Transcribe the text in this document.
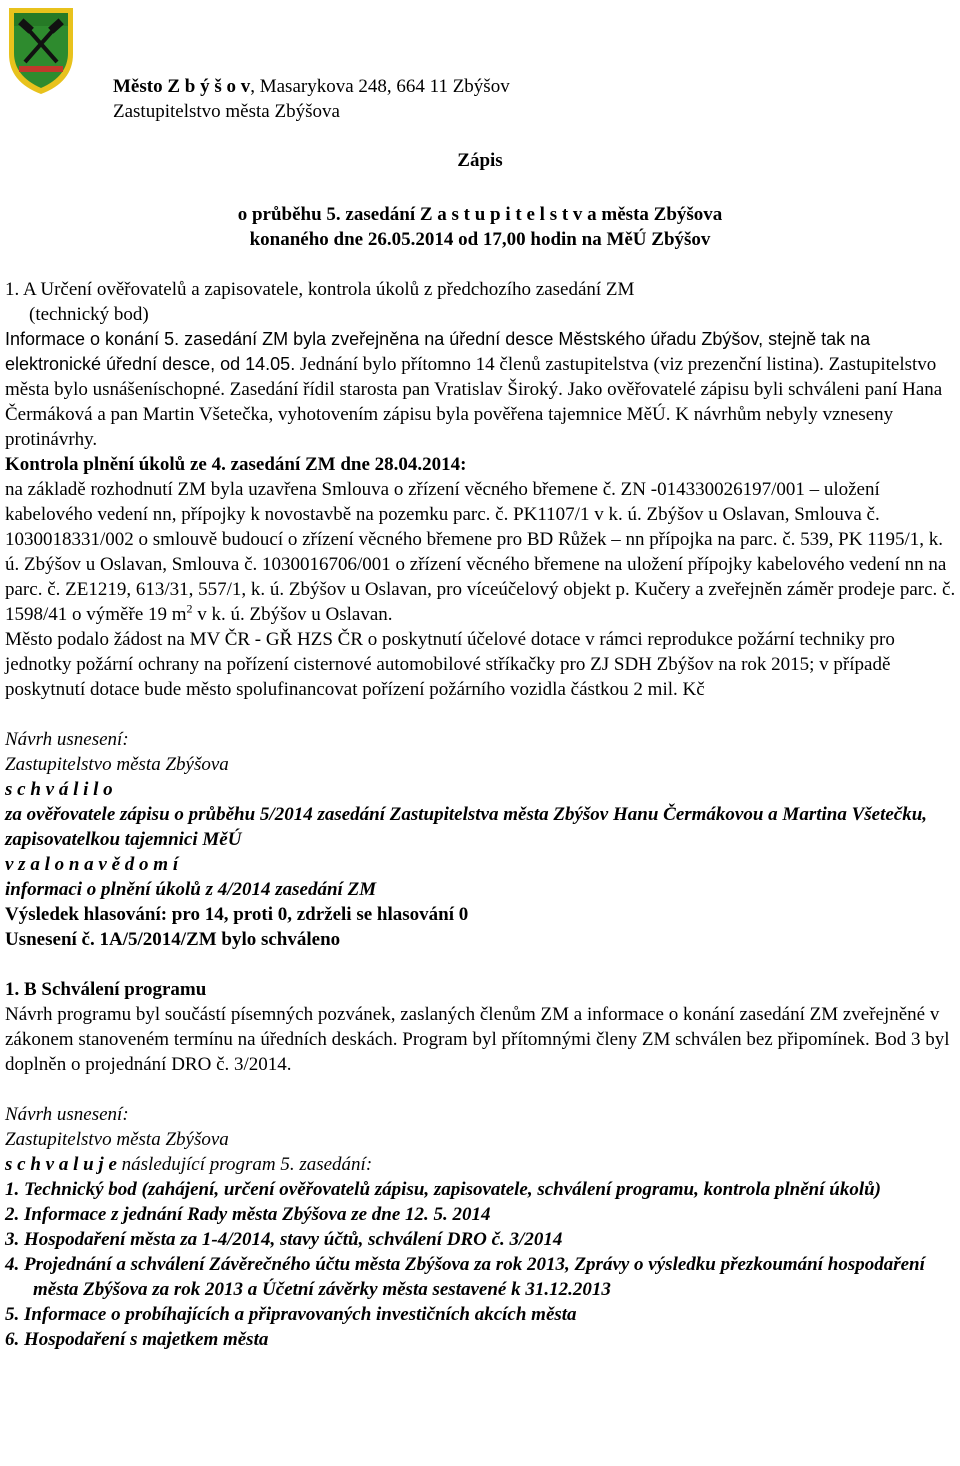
Město Z b ý š o v, Masarykova 248, 664 11 Zbýšov
Zastupitelstvo města Zbýšova
Zápis
o průběhu 5. zasedání Z a s t u p i t e l s t v a města Zbýšova
konaného dne 26.05.2014 od 17,00 hodin na MěÚ Zbýšov

1. A Určení ověřovatelů a zapisovatele, kontrola úkolů z předchozího zasedání ZM

(technický bod)

Informace o konání 5. zasedání ZM byla zveřejněna na úřední desce Městského úřadu Zbýšov, stejně tak na elektronické úřední desce, od 14.05. Jednání bylo přítomno 14 členů zastupitelstva (viz prezenční listina). Zastupitelstvo města bylo usnášeníschopné. Zasedání řídil starosta pan Vratislav Široký. Jako ověřovatelé zápisu byli schváleni paní Hana Čermáková a pan Martin Všetečka, vyhotovením zápisu byla pověřena tajemnice MěÚ. K návrhům nebyly vzneseny protinávrhy.

Kontrola plnění úkolů ze 4. zasedání ZM dne 28.04.2014:

na základě rozhodnutí ZM byla uzavřena Smlouva o zřízení věcného břemene č. ZN -014330026197/001 – uložení kabelového vedení nn, přípojky k novostavbě na pozemku parc. č. PK1107/1 v k. ú. Zbýšov u Oslavan, Smlouva č. 1030018331/002 o smlouvě budoucí o zřízení věcného břemene pro BD Růžek – nn přípojka na parc. č. 539, PK 1195/1, k. ú. Zbýšov u Oslavan, Smlouva č. 1030016706/001 o zřízení věcného břemene na uložení přípojky kabelového vedení nn na parc. č. ZE1219, 613/31, 557/1, k. ú. Zbýšov u Oslavan, pro víceúčelový objekt p. Kučery a zveřejněn záměr prodeje parc. č. 1598/41 o výměře 19 $m^2$ v k. ú. Zbýšov u Oslavan.

Město podalo žádost na MV ČR - GŘ HZS ČR o poskytnutí účelové dotace v rámci reprodukce požární techniky pro jednotky požární ochrany na pořízení cisternové automobilové stříkačky pro ZJ SDH Zbýšov na rok 2015; v případě poskytnutí dotace bude město spolufinancovat pořízení požárního vozidla částkou 2 mil. Kč

Návrh usnesení:

Zastupitelstvo města Zbýšova

s c h v á l i l o

za ověřovatele zápisu o průběhu 5/2014 zasedání Zastupitelstva města Zbýšov Hanu Čermákovou a Martina Všetečku, zapisovatelkou tajemnici MěÚ

v z a l o n a v ě d o m í

informaci o plnění úkolů z 4/2014 zasedání ZM

Výsledek hlasování: pro 14, proti 0, zdrželi se hlasování 0

Usnesení č. 1A/5/2014/ZM bylo schváleno

1. B Schválení programu

Návrh programu byl součástí písemných pozvánek, zaslaných členům ZM a informace o konání zasedání ZM zveřejněné v zákonem stanoveném termínu na úředních deskách. Program byl přítomnými členy ZM schválen bez připomínek. Bod 3 byl doplněn o projednání DRO č. 3/2014.

Návrh usnesení:

Zastupitelstvo města Zbýšova

s c h v a l u j e následující program 5. zasedání:

1. Technický bod (zahájení, určení ověřovatelů zápisu, zapisovatele, schválení programu, kontrola plnění úkolů)

2. Informace z jednání Rady města Zbýšova ze dne 12. 5. 2014

3. Hospodaření města za 1-4/2014, stavy účtů, schválení DRO č. 3/2014

4. Projednání a schválení Závěrečného účtu města Zbýšova za rok 2013, Zprávy o výsledku přezkoumání hospodaření města Zbýšova za rok 2013 a Účetní závěrky města sestavené k 31.12.2013

5. Informace o probíhajících a připravovaných investičních akcích města

6. Hospodaření s majetkem města
